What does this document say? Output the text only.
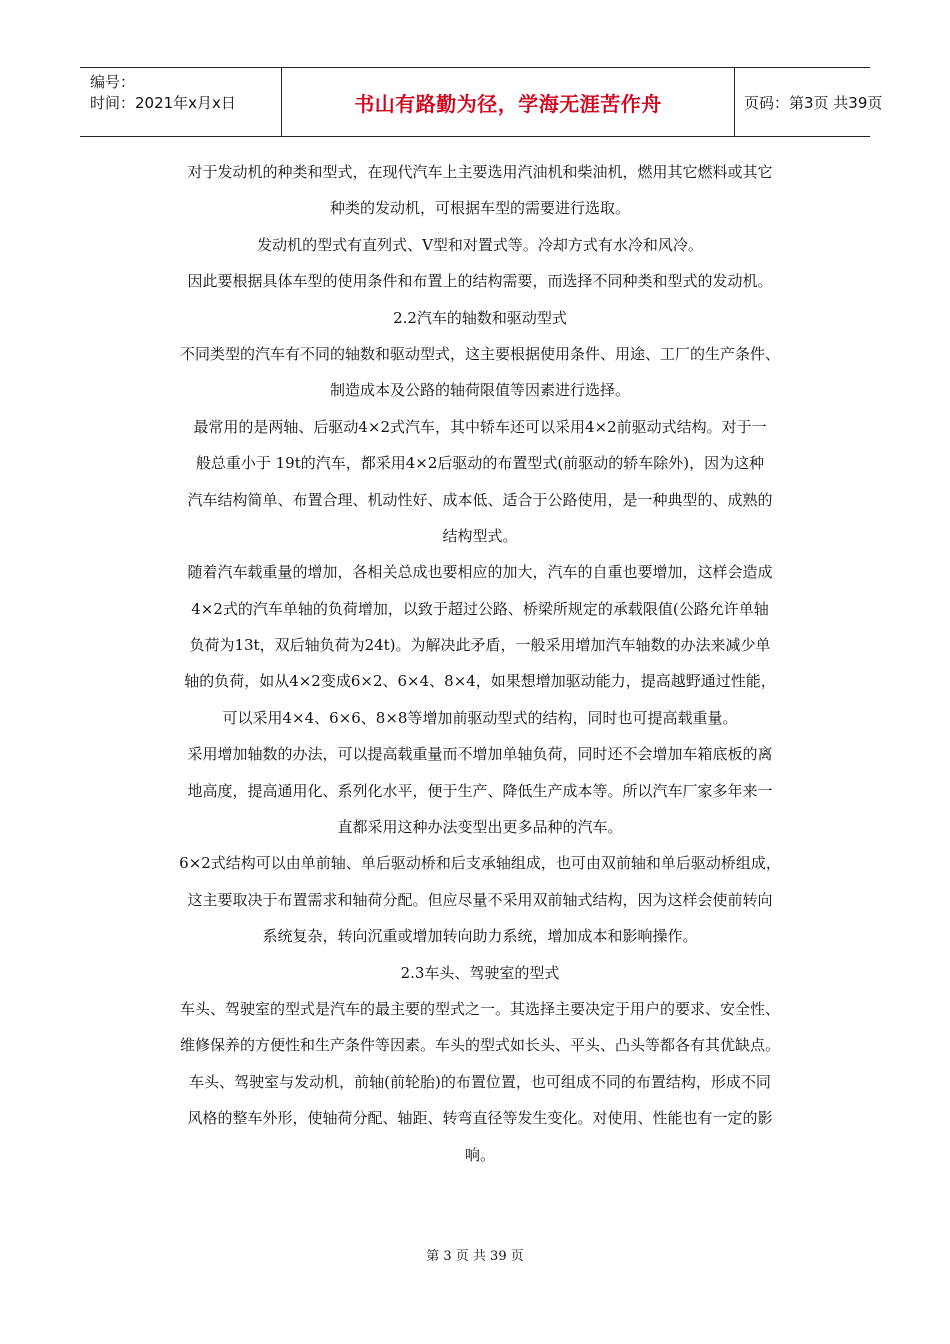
编号：
时间：2021年x月x日	书山有路勤为径，学海无涯苦作舟	页码：第3页 共39页
对于发动机的种类和型式，在现代汽车上主要选用汽油机和柴油机，燃用其它燃料或其它
种类的发动机，可根据车型的需要进行选取。
发动机的型式有直列式、V型和对置式等。冷却方式有水冷和风冷。
因此要根据具体车型的使用条件和布置上的结构需要，而选择不同种类和型式的发动机。
2.2汽车的轴数和驱动型式
不同类型的汽车有不同的轴数和驱动型式，这主要根据使用条件、用途、工厂的生产条件、
制造成本及公路的轴荷限值等因素进行选择。
最常用的是两轴、后驱动4×2式汽车，其中轿车还可以采用4×2前驱动式结构。对于一
般总重小于 19t的汽车，都采用4×2后驱动的布置型式(前驱动的轿车除外)，因为这种
汽车结构简单、布置合理、机动性好、成本低、适合于公路使用，是一种典型的、成熟的
结构型式。
随着汽车载重量的增加，各相关总成也要相应的加大，汽车的自重也要增加，这样会造成
4×2式的汽车单轴的负荷增加，以致于超过公路、桥梁所规定的承载限值(公路允许单轴
负荷为13t，双后轴负荷为24t)。为解决此矛盾，一般采用增加汽车轴数的办法来减少单
轴的负荷，如从4×2变成6×2、6×4、8×4，如果想增加驱动能力，提高越野通过性能，
可以采用4×4、6×6、8×8等增加前驱动型式的结构，同时也可提高载重量。
采用增加轴数的办法，可以提高载重量而不增加单轴负荷，同时还不会增加车箱底板的离
地高度，提高通用化、系列化水平，便于生产、降低生产成本等。所以汽车厂家多年来一
直都采用这种办法变型出更多品种的汽车。
6×2式结构可以由单前轴、单后驱动桥和后支承轴组成，也可由双前轴和单后驱动桥组成，
这主要取决于布置需求和轴荷分配。但应尽量不采用双前轴式结构，因为这样会使前转向
系统复杂，转向沉重或增加转向助力系统，增加成本和影响操作。
2.3车头、驾驶室的型式
车头、驾驶室的型式是汽车的最主要的型式之一。其选择主要决定于用户的要求、安全性、
维修保养的方便性和生产条件等因素。车头的型式如长头、平头、凸头等都各有其优缺点。
车头、驾驶室与发动机，前轴(前轮胎)的布置位置，也可组成不同的布置结构，形成不同
风格的整车外形，使轴荷分配、轴距、转弯直径等发生变化。对使用、性能也有一定的影
响。
第 3 页 共 39 页
